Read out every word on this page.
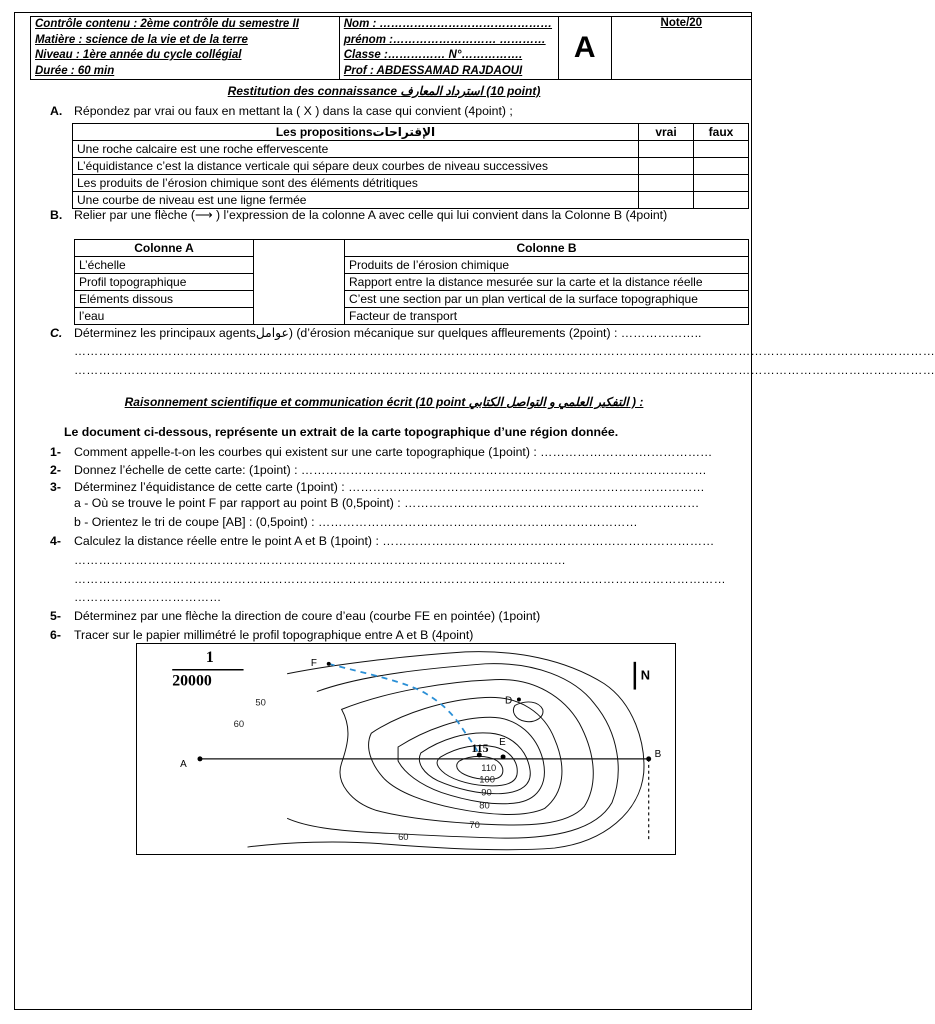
Contrôle contenu : 2ème contrôle du semestre II
Matière : science de la vie et de la terre
Niveau : 1ère année du cycle collégial
Durée : 60 min

Nom : ………………………………………
prénom :……………………… …………
Classe :…………… N°…………….
Prof : ABDESSAMAD RAJDAOUI
	A	Note/20
Restitution des connaissance استرداد المعارف (10 point)
A. Répondez par vrai ou faux en mettant la ( X ) dans la case qui convient (4point) ;
Les propositionsالإقتراحات	vrai	faux
Une roche calcaire est une roche effervescente		
L’équidistance c’est la distance verticale qui sépare deux courbes de niveau successives		
Les produits de l’érosion chimique sont des éléments détritiques		
Une courbe de niveau est une ligne fermée		
B. Relier par une flèche (⟶ ) l’expression de la colonne A avec celle qui lui convient dans la Colonne B (4point)
Colonne A		Colonne B
L’échelle		Produits de l’érosion chimique
Profil topographique		Rapport entre la distance mesurée sur la carte et la distance réelle
Eléments dissous		C’est une section par un plan vertical de la surface topographique
l’eau		Facteur de transport
C. Déterminez les principaux agentsعوامل) (d’érosion mécanique sur quelques affleurements (2point) : ………………..
…………………………………………………………………………………………………………………………………………………………………………………………
…………………………………………………………………………………………………………………………………………………………………………………………
Raisonnement scientifique et communication écrit (10 point التفكير العلمي و التواصل الكتابي ) :
Le document ci-dessous, représente un extrait de la carte topographique d’une région donnée.
1- Comment appelle-t-on les courbes qui existent sur une carte topographique (1point) : ……………………………………
2- Donnez l’échelle de cette carte: (1point) : ………………………………………………………………………………………
3- Déterminez l’équidistance de cette carte (1point) : ……………………………………………………………………………
a - Où se trouve le point F par rapport au point B (0,5point) : ………………………………………………………………
b - Orientez le tri de coupe [AB] : (0,5point) : ……………………………………………………………………
4- Calculez la distance réelle entre le point A et B (1point) : ………………………………………………………………………
…………………………………………………………………………………………………………
……………………………………………………………………………………………………………………………………………
………………………………
5- Déterminez par une flèche la direction de coure d’eau (courbe FE en pointée) (1point)
6- Tracer sur le papier millimétré le profil topographique entre A et B (4point)
N
1
20000
A
B
D
E
F
50
60
60
70
80
90
100
110
115
